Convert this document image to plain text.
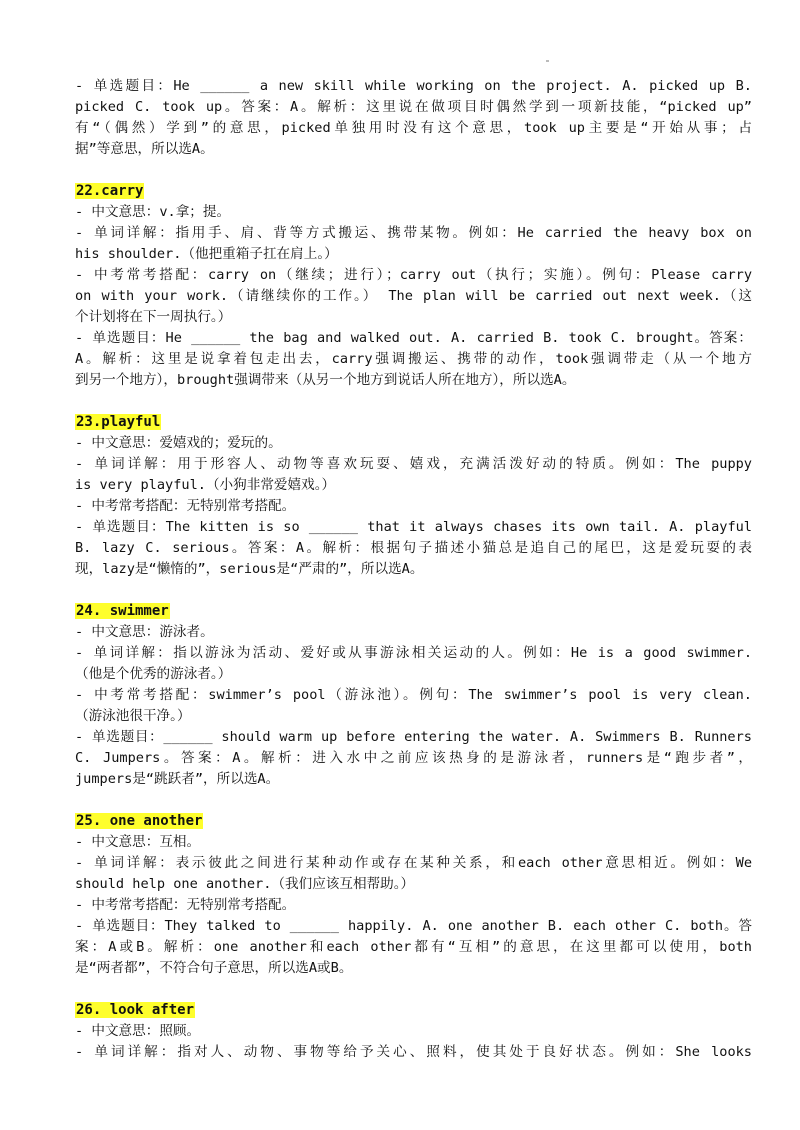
- 单选题目：He ______ a new skill while working on the project. A. picked up B.
picked C. took up。答案：A。解析：这里说在做项目时偶然学到一项新技能，“picked up”
有“（偶然）学到”的意思，picked单独用时没有这个意思，took up主要是“开始从事；占
据”等意思，所以选A。
22.carry
- 中文意思：v.拿；提。
- 单词详解：指用手、肩、背等方式搬运、携带某物。例如：He carried the heavy box on
his shoulder.（他把重箱子扛在肩上。）
- 中考常考搭配：carry on（继续；进行）；carry out（执行；实施）。例句：Please carry
on with your work.（请继续你的工作。） The plan will be carried out next week.（这
个计划将在下一周执行。）
- 单选题目：He ______ the bag and walked out. A. carried B. took C. brought。答案：
A。解析：这里是说拿着包走出去，carry强调搬运、携带的动作，took强调带走（从一个地方
到另一个地方），brought强调带来（从另一个地方到说话人所在地方），所以选A。
23.playful
- 中文意思：爱嬉戏的；爱玩的。
- 单词详解：用于形容人、动物等喜欢玩耍、嬉戏，充满活泼好动的特质。例如：The puppy
is very playful.（小狗非常爱嬉戏。）
- 中考常考搭配：无特别常考搭配。
- 单选题目：The kitten is so ______ that it always chases its own tail. A. playful
B. lazy C. serious。答案：A。解析：根据句子描述小猫总是追自己的尾巴，这是爱玩耍的表
现，lazy是“懒惰的”，serious是“严肃的”，所以选A。
24. swimmer
- 中文意思：游泳者。
- 单词详解：指以游泳为活动、爱好或从事游泳相关运动的人。例如：He is a good swimmer.
（他是个优秀的游泳者。）
- 中考常考搭配：swimmer’s pool（游泳池）。例句：The swimmer’s pool is very clean.
（游泳池很干净。）
- 单选题目：______ should warm up before entering the water. A. Swimmers B. Runners
C. Jumpers。答案：A。解析：进入水中之前应该热身的是游泳者，runners是“跑步者”，
jumpers是“跳跃者”，所以选A。
25. one another
- 中文意思：互相。
- 单词详解：表示彼此之间进行某种动作或存在某种关系，和each other意思相近。例如：We
should help one another.（我们应该互相帮助。）
- 中考常考搭配：无特别常考搭配。
- 单选题目：They talked to ______ happily. A. one another B. each other C. both。答
案：A或B。解析：one another和each other都有“互相”的意思，在这里都可以使用，both
是“两者都”，不符合句子意思，所以选A或B。
26. look after
- 中文意思：照顾。
- 单词详解：指对人、动物、事物等给予关心、照料，使其处于良好状态。例如：She looks
